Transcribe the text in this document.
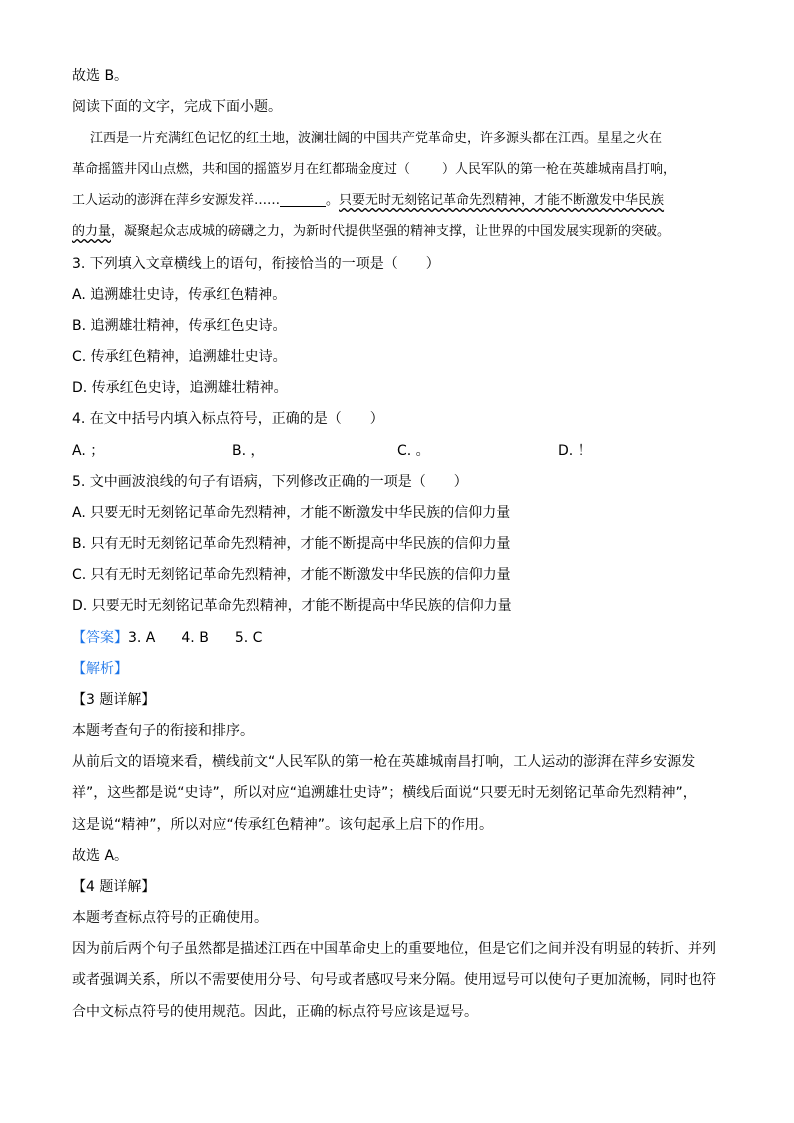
故选 B。
阅读下面的文字，完成下面小题。
江西是一片充满红色记忆的红土地，波澜壮阔的中国共产党革命史，许多源头都在江西。星星之火在
革命摇篮井冈山点燃，共和国的摇篮岁月在红都瑞金度过（ ）人民军队的第一枪在英雄城南昌打响，
工人运动的澎湃在萍乡安源发祥……	。只要无时无刻铭记革命先烈精神，才能不断激发中华民族
的力量，凝聚起众志成城的磅礴之力，为新时代提供坚强的精神支撑，让世界的中国发展实现新的突破。
3. 下列填入文章横线上的语句，衔接恰当的一项是（　　）
A. 追溯雄壮史诗，传承红色精神。
B. 追溯雄壮精神，传承红色史诗。
C. 传承红色精神，追溯雄壮史诗。
D. 传承红色史诗，追溯雄壮精神。
4. 在文中括号内填入标点符号，正确的是（　　）
A. ；	B. ，	C. 。	D. ！
5. 文中画波浪线的句子有语病，下列修改正确的一项是（　　）
A. 只要无时无刻铭记革命先烈精神，才能不断激发中华民族的信仰力量
B. 只有无时无刻铭记革命先烈精神，才能不断提高中华民族的信仰力量
C. 只有无时无刻铭记革命先烈精神，才能不断激发中华民族的信仰力量
D. 只要无时无刻铭记革命先烈精神，才能不断提高中华民族的信仰力量
【答案】3. A 4. B 5. C
【解析】
【3 题详解】
本题考查句子的衔接和排序。
从前后文的语境来看，横线前文“人民军队的第一枪在英雄城南昌打响，工人运动的澎湃在萍乡安源发
祥”，这些都是说“史诗”，所以对应“追溯雄壮史诗”；横线后面说“只要无时无刻铭记革命先烈精神”，
这是说“精神”，所以对应“传承红色精神”。该句起承上启下的作用。
故选 A。
【4 题详解】
本题考查标点符号的正确使用。
因为前后两个句子虽然都是描述江西在中国革命史上的重要地位，但是它们之间并没有明显的转折、并列
或者强调关系，所以不需要使用分号、句号或者感叹号来分隔。使用逗号可以使句子更加流畅，同时也符
合中文标点符号的使用规范。因此，正确的标点符号应该是逗号。
